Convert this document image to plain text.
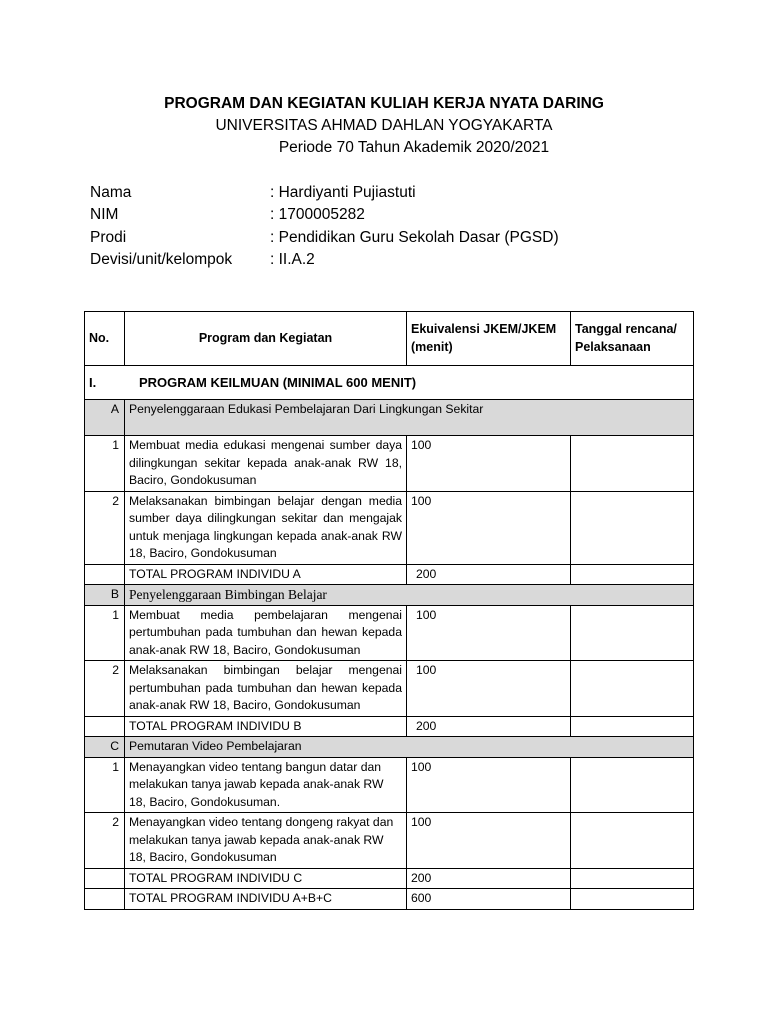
PROGRAM DAN KEGIATAN KULIAH KERJA NYATA DARING
UNIVERSITAS AHMAD DAHLAN YOGYAKARTA
Periode 70 Tahun Akademik 2020/2021
Nama	: Hardiyanti Pujiastuti
NIM	: 1700005282
Prodi	: Pendidikan Guru Sekolah Dasar (PGSD)
Devisi/unit/kelompok : II.A.2
No.	Program dan Kegiatan	Ekuivalensi JKEM/JKEM (menit)	Tanggal rencana/ Pelaksanaan
I. PROGRAM KEILMUAN (MINIMAL 600 MENIT)			
A	Penyelenggaraan Edukasi Pembelajaran Dari Lingkungan Sekitar		
1	Membuat media edukasi mengenai sumber daya dilingkungan sekitar kepada anak-anak RW 18, Baciro, Gondokusuman	100	
2	Melaksanakan bimbingan belajar dengan media sumber daya dilingkungan sekitar dan mengajak untuk menjaga lingkungan kepada anak-anak RW 18, Baciro, Gondokusuman	100	
	TOTAL PROGRAM INDIVIDU A	200	
B	Penyelenggaraan Bimbingan Belajar		
1	Membuat media pembelajaran mengenai pertumbuhan pada tumbuhan dan hewan kepada anak-anak RW 18, Baciro, Gondokusuman	100	
2	Melaksanakan bimbingan belajar mengenai pertumbuhan pada tumbuhan dan hewan kepada anak-anak RW 18, Baciro, Gondokusuman	100	
	TOTAL PROGRAM INDIVIDU B	200	
C	Pemutaran Video Pembelajaran		
1	Menayangkan video tentang bangun datar dan melakukan tanya jawab kepada anak-anak RW 18, Baciro, Gondokusuman.	100	
2	Menayangkan video tentang dongeng rakyat dan melakukan tanya jawab kepada anak-anak RW 18, Baciro, Gondokusuman	100	
	TOTAL PROGRAM INDIVIDU C	200	
	TOTAL PROGRAM INDIVIDU A+B+C	600	
